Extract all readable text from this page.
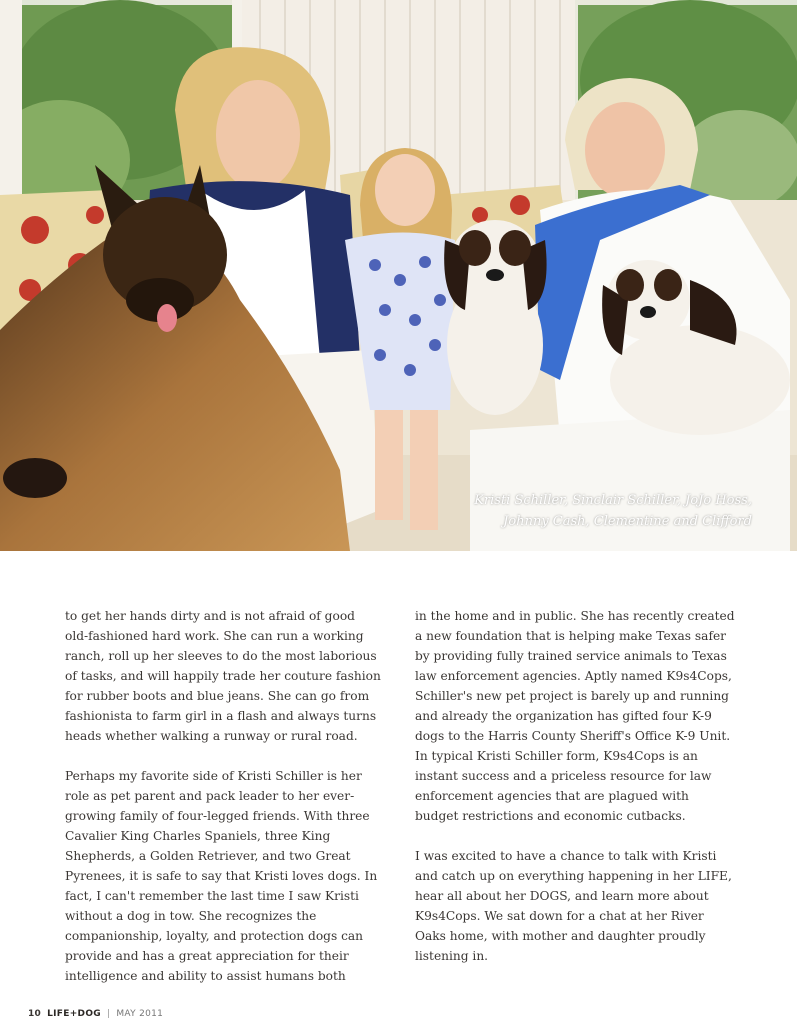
Kristi Schiller, Sinclair Schiller, JoJo Hoss,
Johnny Cash, Clementine and Clifford

to get her hands dirty and is not afraid of good old-fashioned hard work. She can run a working ranch, roll up her sleeves to do the most laborious of tasks, and will happily trade her couture fashion for rubber boots and blue jeans. She can go from fashionista to farm girl in a flash and always turns heads whether walking a runway or rural road.

Perhaps my favorite side of Kristi Schiller is her role as pet parent and pack leader to her ever-growing family of four-legged friends. With three Cavalier King Charles Spaniels, three King Shepherds, a Golden Retriever, and two Great Pyrenees, it is safe to say that Kristi loves dogs. In fact, I can't remember the last time I saw Kristi without a dog in tow. She recognizes the companionship, loyalty, and protection dogs can provide and has a great appreciation for their intelligence and ability to assist humans both

in the home and in public. She has recently created a new foundation that is helping make Texas safer by providing fully trained service animals to Texas law enforcement agencies. Aptly named K9s4Cops, Schiller's new pet project is barely up and running and already the organization has gifted four K-9 dogs to the Harris County Sheriff's Office K-9 Unit. In typical Kristi Schiller form, K9s4Cops is an instant success and a priceless resource for law enforcement agencies that are plagued with budget restrictions and economic cutbacks.

I was excited to have a chance to talk with Kristi and catch up on everything happening in her LIFE, hear all about her DOGS, and learn more about K9s4Cops. We sat down for a chat at her River Oaks home, with mother and daughter proudly listening in.

10 LIFE+DOG | MAY 2011
